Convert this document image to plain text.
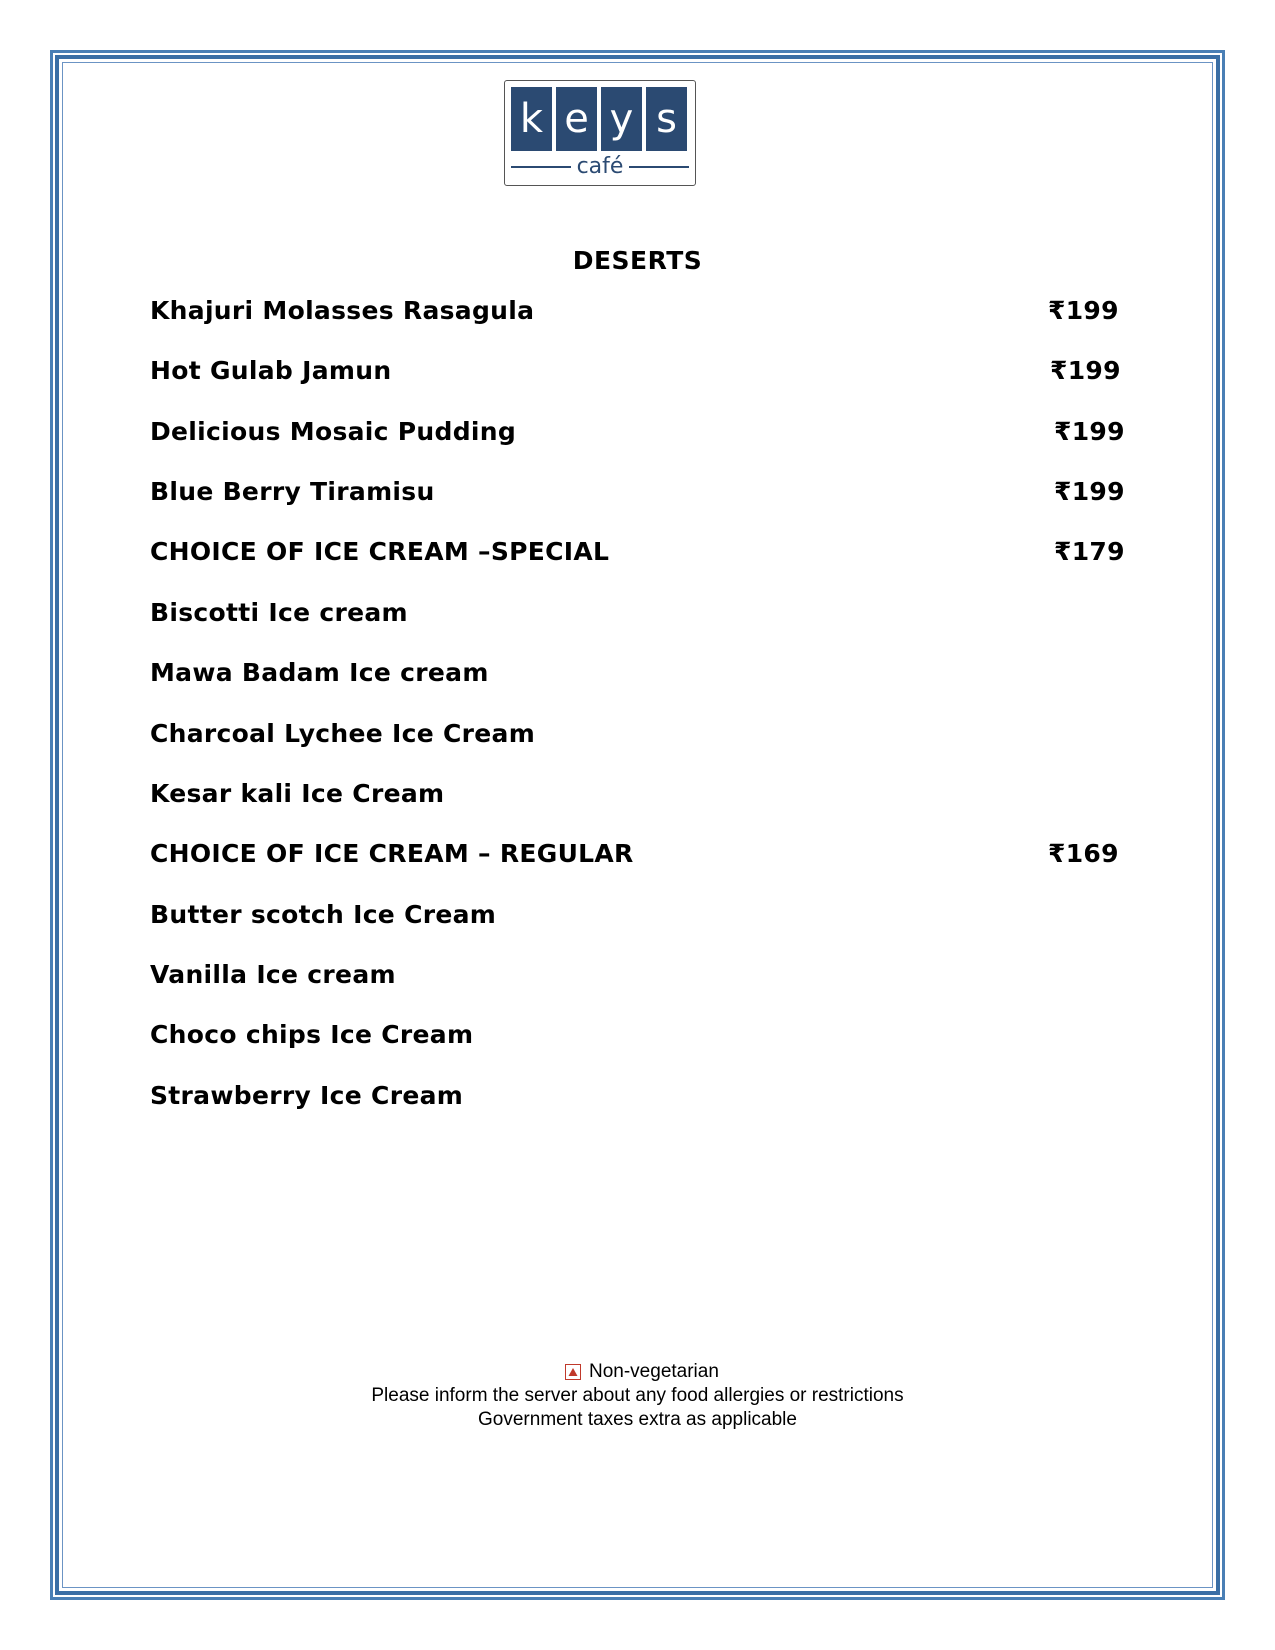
k e y s
café
DESERTS
Khajuri Molasses Rasagula	₹199
Hot Gulab Jamun	₹199
Delicious Mosaic Pudding	₹199
Blue Berry Tiramisu	₹199
CHOICE OF ICE CREAM –SPECIAL	₹179
Biscotti Ice cream
Mawa Badam Ice cream
Charcoal Lychee Ice Cream
Kesar kali Ice Cream
CHOICE OF ICE CREAM – REGULAR	₹169
Butter scotch Ice Cream
Vanilla Ice cream
Choco chips Ice Cream
Strawberry Ice Cream
Non-vegetarian
Please inform the server about any food allergies or restrictions
Government taxes extra as applicable
